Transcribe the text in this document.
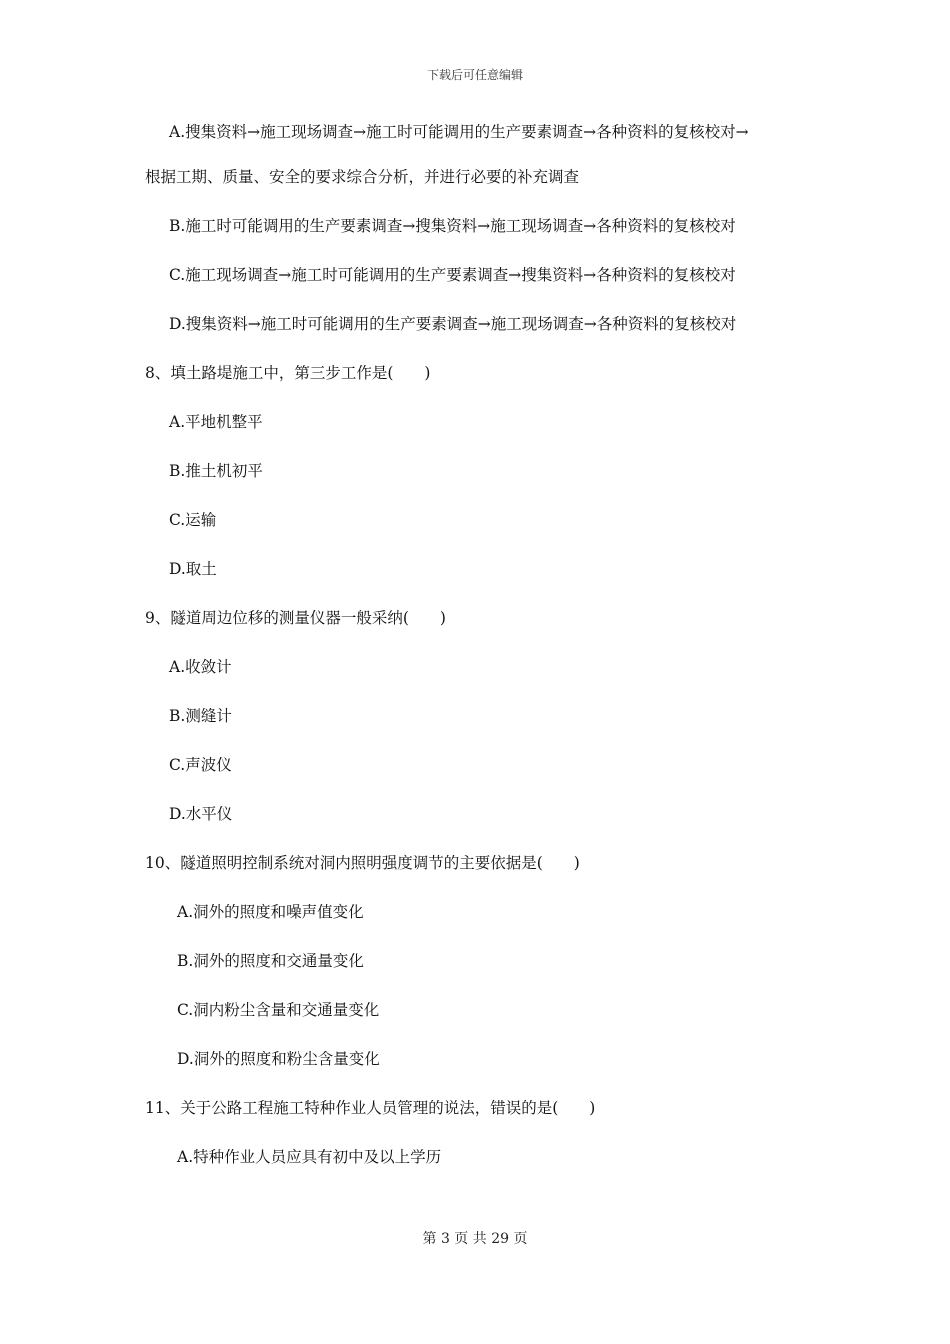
下载后可任意编辑
A.搜集资料→施工现场调查→施工时可能调用的生产要素调查→各种资料的复核校对→
根据工期、质量、安全的要求综合分析，并进行必要的补充调查
B.施工时可能调用的生产要素调查→搜集资料→施工现场调查→各种资料的复核校对
C.施工现场调查→施工时可能调用的生产要素调查→搜集资料→各种资料的复核校对
D.搜集资料→施工时可能调用的生产要素调查→施工现场调查→各种资料的复核校对
8、填土路堤施工中，第三步工作是(　　)
A.平地机整平
B.推土机初平
C.运输
D.取土
9、隧道周边位移的测量仪器一般采纳(　　)
A.收敛计
B.测缝计
C.声波仪
D.水平仪
10、隧道照明控制系统对洞内照明强度调节的主要依据是(　　)
A.洞外的照度和噪声值变化
B.洞外的照度和交通量变化
C.洞内粉尘含量和交通量变化
D.洞外的照度和粉尘含量变化
11、关于公路工程施工特种作业人员管理的说法，错误的是(　　)
A.特种作业人员应具有初中及以上学历
第 3 页 共 29 页
